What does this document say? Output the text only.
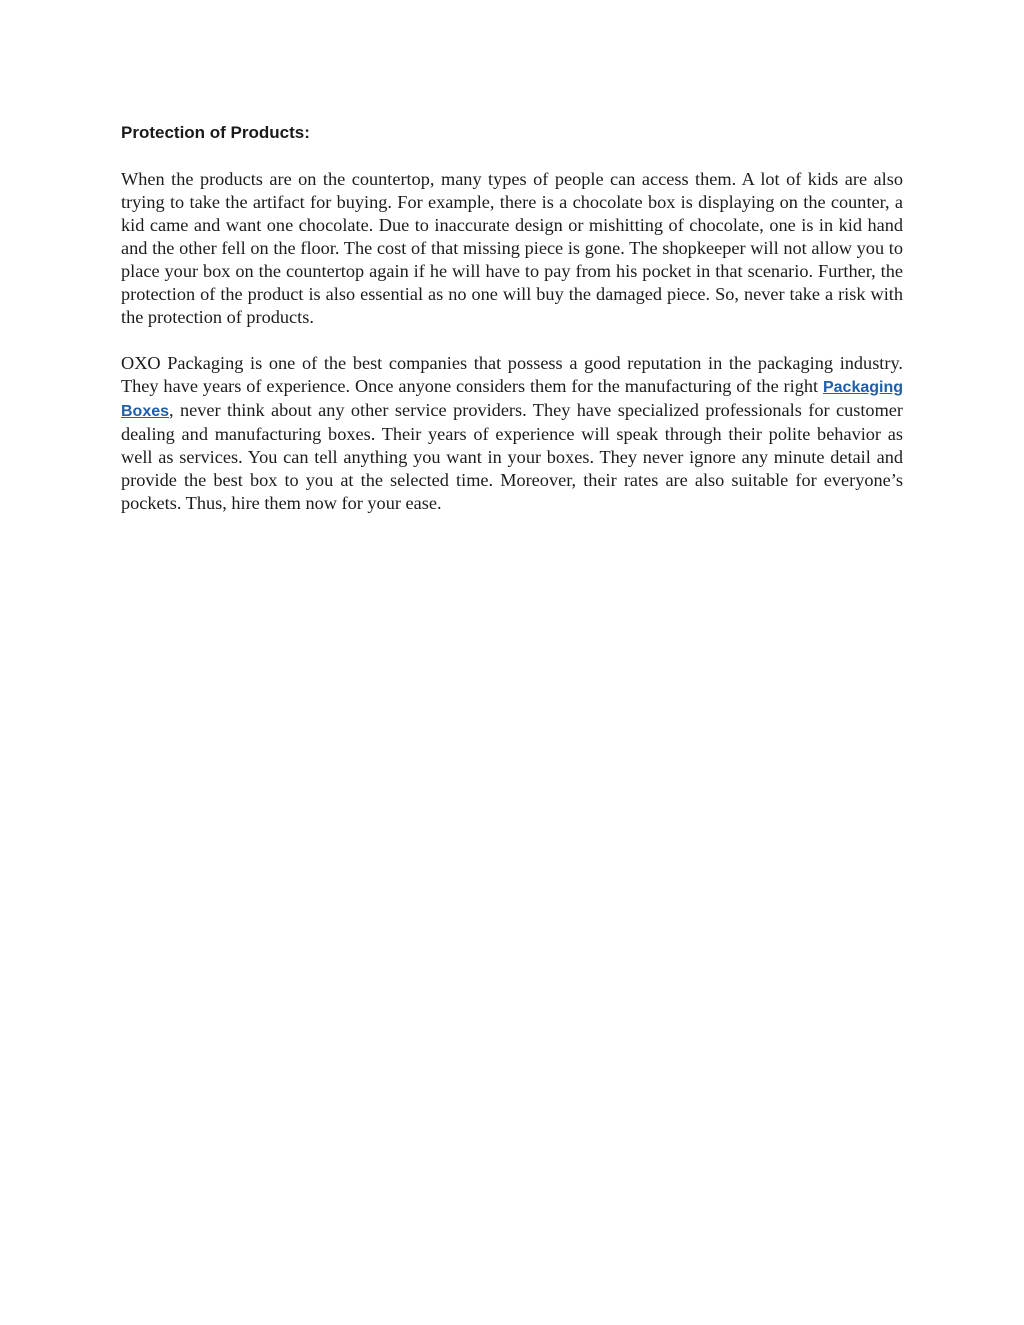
Protection of Products:

When the products are on the countertop, many types of people can access them. A lot of kids are also trying to take the artifact for buying. For example, there is a chocolate box is displaying on the counter, a kid came and want one chocolate. Due to inaccurate design or mishitting of chocolate, one is in kid hand and the other fell on the floor. The cost of that missing piece is gone. The shopkeeper will not allow you to place your box on the countertop again if he will have to pay from his pocket in that scenario. Further, the protection of the product is also essential as no one will buy the damaged piece. So, never take a risk with the protection of products.

OXO Packaging is one of the best companies that possess a good reputation in the packaging industry. They have years of experience. Once anyone considers them for the manufacturing of the right Packaging Boxes, never think about any other service providers. They have specialized professionals for customer dealing and manufacturing boxes. Their years of experience will speak through their polite behavior as well as services. You can tell anything you want in your boxes. They never ignore any minute detail and provide the best box to you at the selected time. Moreover, their rates are also suitable for everyone’s pockets. Thus, hire them now for your ease.
